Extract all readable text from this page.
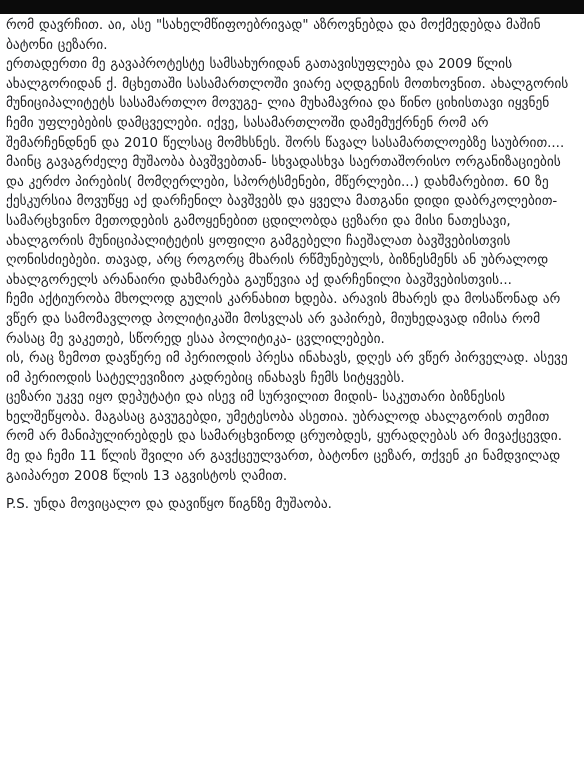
რომ დავრჩით. აი, ასე "სახელმწიფოებრივად" აზროვნებდა და მოქმედებდა მაშინ ბატონი ცეზარი.

ერთადერთი მე გავაპროტესტე სამსახურიდან გათავისუფლება და 2009 წლის ახალგორიდან ქ. მცხეთაში სასამართლოში ვიარე აღდგენის მოთხოვნით. ახალგორის მუნიციპალიტეტს სასამართლო მოვუგე- ლია მუხამავრია და წინო ციხისთავი იყვნენ ჩემი უფლებების დამცველები. იქვე, სასამართლოში დამემუქრნენ რომ არ შემარჩენდნენ და 2010 წელსაც მომხსნეს. შორს წავალ სასამართლოებზე საუბრით....

მაინც გავაგრძელე მუშაობა ბავშვებთან- სხვადასხვა საერთაშორისო ორგანიზაციების და კერძო პირების( მომღერლები, სპორტსმენები, მწერლები...) დახმარებით. 60 ზე ქესკურსია მოვუწყე აქ დარჩენილ ბავშვებს და ყველა მათგანი დიდი დაბრკოლებით- სამარცხვინო მეთოდების გამოყენებით ცდილობდა ცეზარი და მისი ნათესავი, ახალგორის მუნიციპალიტეტის ყოფილი გამგებელი ჩაეშალათ ბავშვებისთვის ღონისძიებები. თავად, არც როგორც მხარის რწმუნებულს, ბიზნესმენს ან უბრალოდ ახალგორელს არანაირი დახმარება გაუწევია აქ დარჩენილი ბავშვებისთვის...

ჩემი აქტიურობა მხოლოდ გულის კარნახით ხდება. არავის მხარეს და მოსაწონად არ ვწერ და სამომავლოდ პოლიტიკაში მოსვლას არ ვაპირებ, მიუხედავად იმისა რომ რასაც მე ვაკეთებ, სწორედ ესაა პოლიტიკა- ცვლილებები.

ის, რაც ზემოთ დავწერე იმ პერიოდის პრესა ინახავს, დღეს არ ვწერ პირველად. ასევე იმ პერიოდის სატელევიზიო კადრებიც ინახავს ჩემს სიტყვებს.

ცეზარი უკვე იყო დეპუტატი და ისევ იმ სურვილით მიდის- საკუთარი ბიზნესის ხელშეწყობა. მაგასაც გავუგებდი, უმეტესობა ასეთია. უბრალოდ ახალგორის თემით რომ არ მანიპულირებდეს და სამარცხვინოდ ცრუობდეს, ყურადღებას არ მივაქცევდი. მე და ჩემი 11 წლის შვილი არ გავქცეულვართ, ბატონო ცეზარ, თქვენ კი ნამდვილად გაიპარეთ 2008 წლის 13 აგვისტოს ღამით.

P.S. უნდა მოვიცალო და დავიწყო წიგნზე მუშაობა.
